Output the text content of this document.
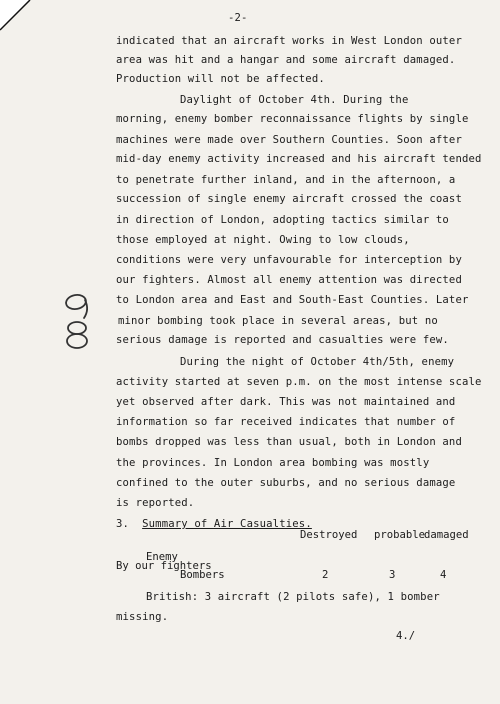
-2-
indicated that an aircraft works in West London outer
area was hit and a hangar and some aircraft damaged.
Production will not be affected.
Daylight of October 4th. During the
morning, enemy bomber reconnaissance flights by single
machines were made over Southern Counties. Soon after
mid-day enemy activity increased and his aircraft tended
to penetrate further inland, and in the afternoon, a
succession of single enemy aircraft crossed the coast
in direction of London, adopting tactics similar to
those employed at night. Owing to low clouds,
conditions were very unfavourable for interception by
our fighters. Almost all enemy attention was directed
to London area and East and South-East Counties. Later
minor bombing took place in several areas, but no
serious damage is reported and casualties were few.
During the night of October 4th/5th, enemy
activity started at seven p.m. on the most intense scale
yet observed after dark. This was not maintained and
information so far received indicates that number of
bombs dropped was less than usual, both in London and
the provinces. In London area bombing was mostly
confined to the outer suburbs, and no serious damage
is reported.
3. Summary of Air Casualties.
Destroyed probable
damaged
Enemy
By our fighters
Bombers	2	3	4
British: 3 aircraft (2 pilots safe), 1 bomber
missing.
4./
